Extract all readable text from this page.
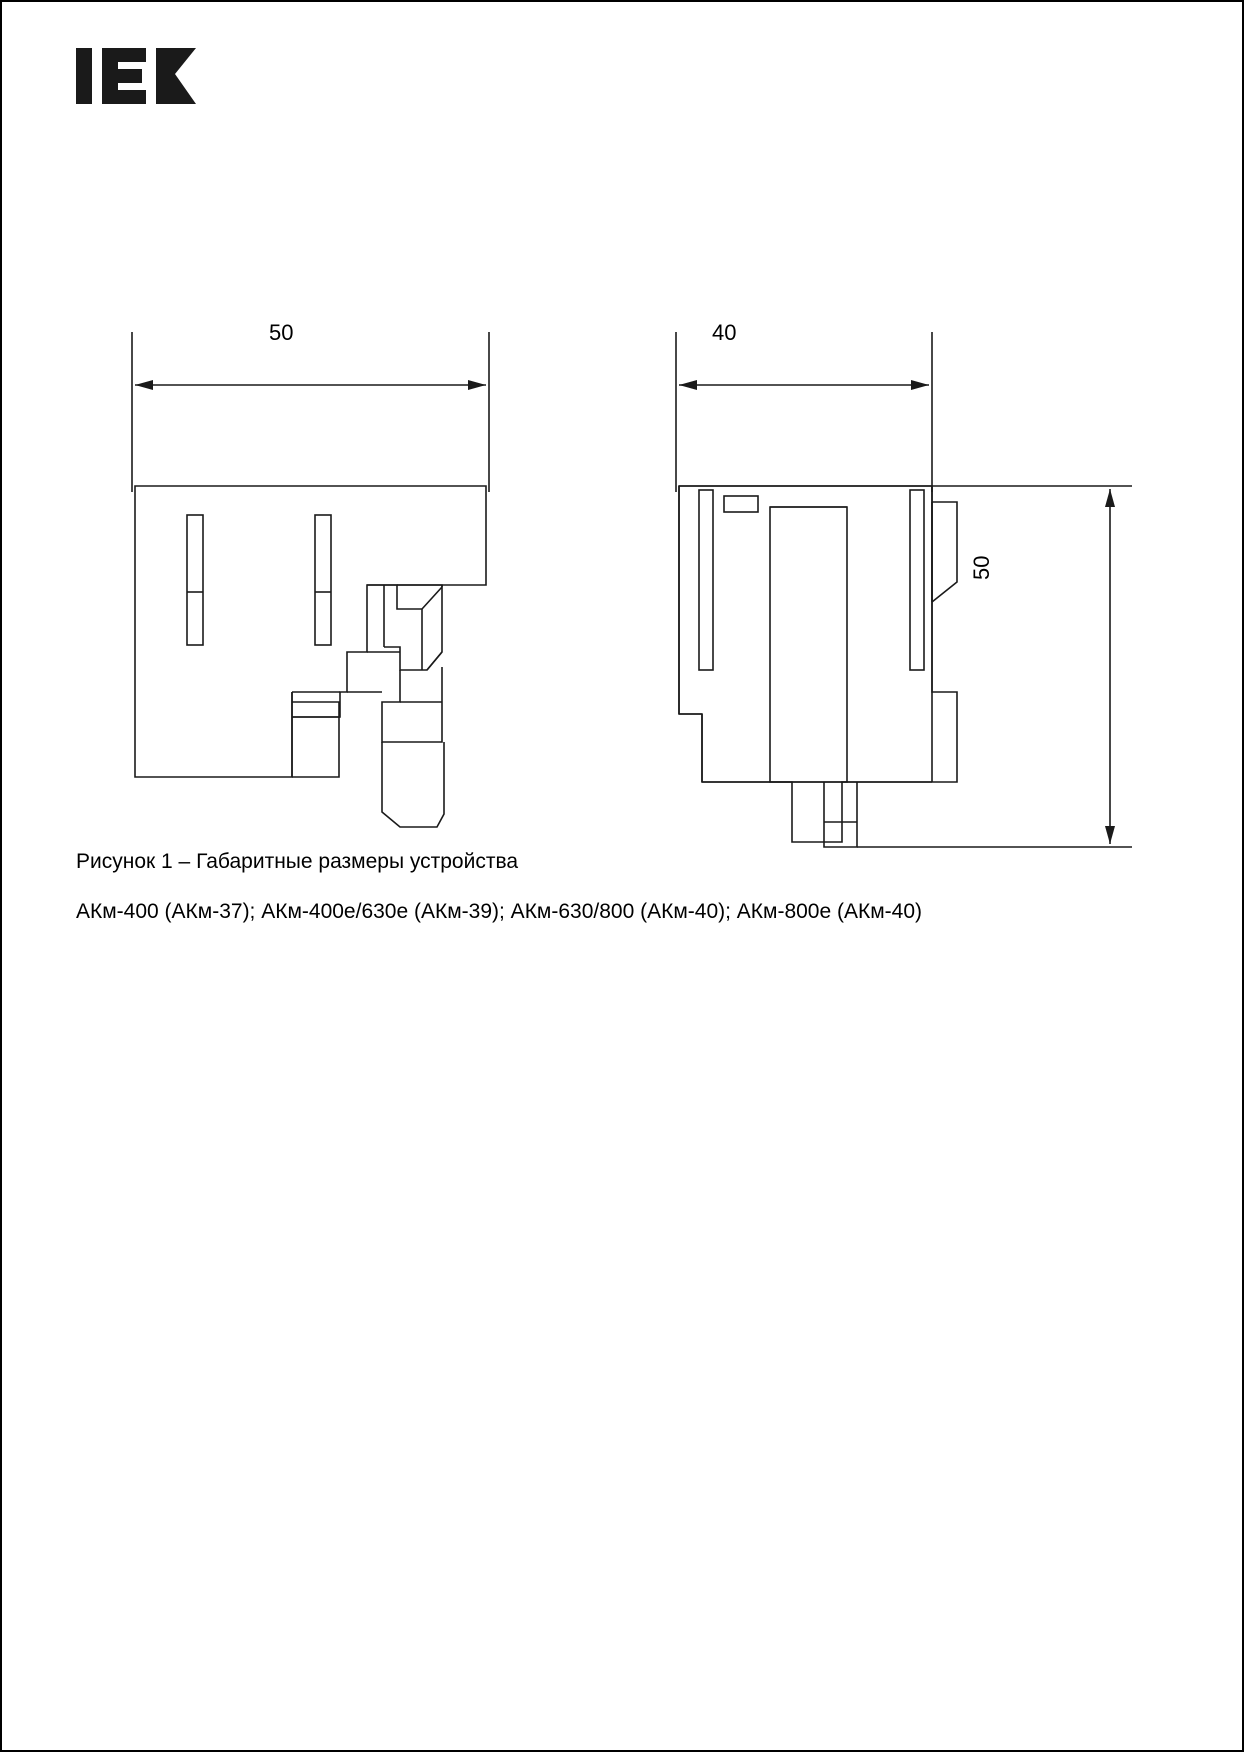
50	40
50
Рисунок 1 – Габаритные размеры устройства
АКм-400 (АКм-37); АКм-400е/630е (АКм-39); АКм-630/800 (АКм-40); АКм-800е (АКм-40)
